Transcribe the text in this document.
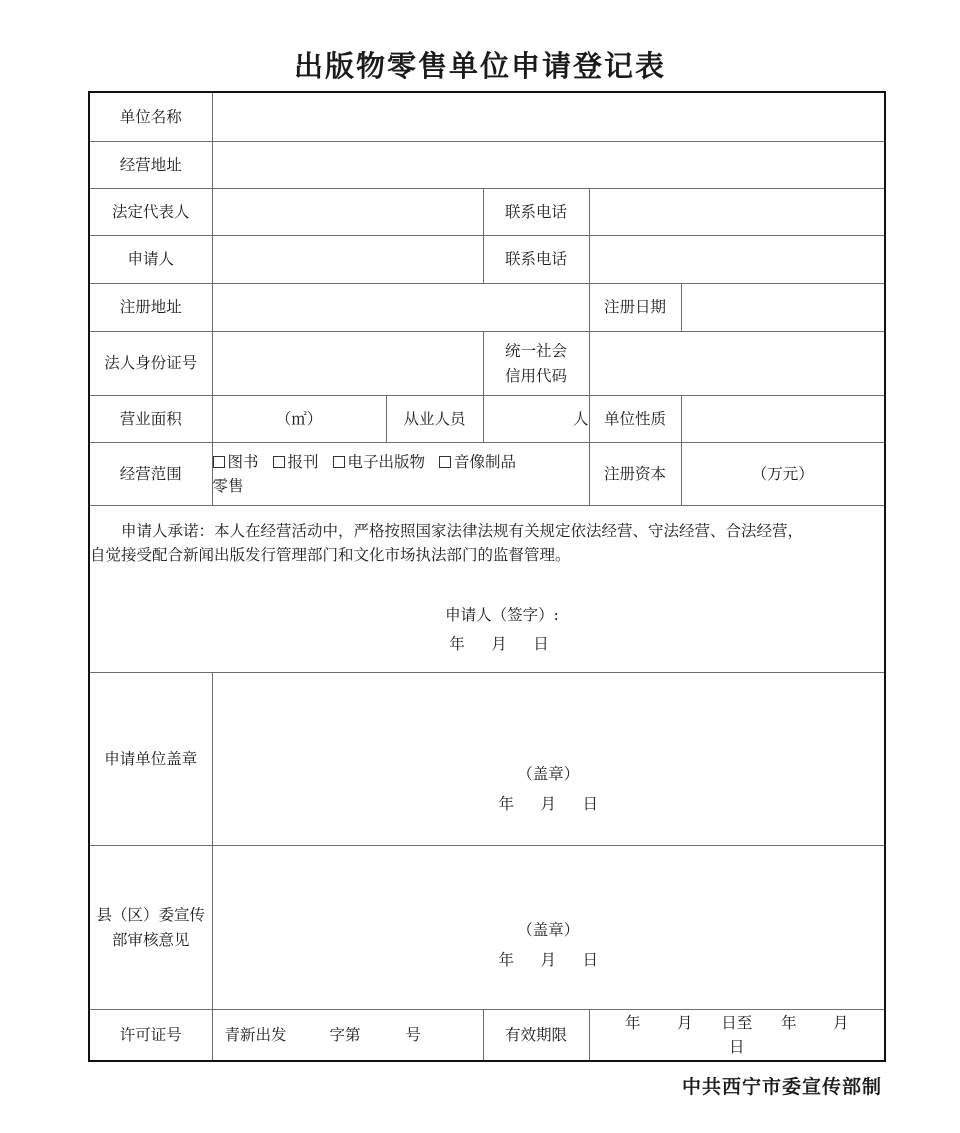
出版物零售单位申请登记表
单位名称					
经营地址					
法定代表人			联系电话		
申请人			联系电话		
注册地址				注册日期	
法人身份证号			统一社会
信用代码		

营业面积	（㎡）	从业人员	人	单位性质	
经营范围	图书 报刊 电子出版物 音像制品
零售			注册资本	（万元）

申请人承诺：本人在经营活动中，严格按照国家法律法规有关规定依法经营、守法经营、合法经营，

自觉接受配合新闻出版发行管理部门和文化市场执法部门的监督管理。

申请人（签字）:
年 月 日					

申请单位盖章	（盖章）
年 月 日				

县（区）委宣传
部审核意见

（盖章）
年 月 日

许可证号	青新出发 字第 号		有效期限	年 月 日至 年 月日	
中共西宁市委宣传部制
